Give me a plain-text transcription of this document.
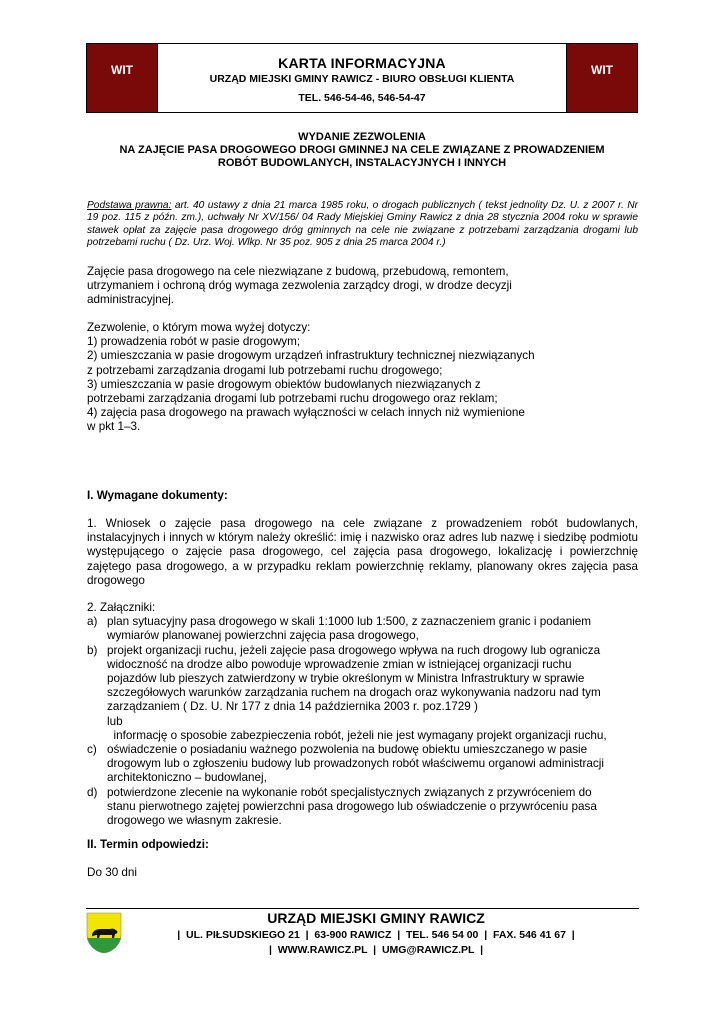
WIT	KARTA INFORMACYJNA
URZĄD MIEJSKI GMINY RAWICZ - BIURO OBSŁUGI KLIENTA
TEL. 546-54-46, 546-54-47
WIT
WYDANIE ZEZWOLENIA
NA ZAJĘCIE PASA DROGOWEGO DROGI GMINNEJ NA CELE ZWIĄZANE Z PROWADZENIEM
ROBÓT BUDOWLANYCH, INSTALACYJNYCH I INNYCH
Podstawa prawna: art. 40 ustawy z dnia 21 marca 1985 roku, o drogach publicznych ( tekst jednolity Dz. U. z 2007 r. Nr 19 poz. 115 z późn. zm.), uchwały Nr XV/156/ 04 Rady Miejskiej Gminy Rawicz z dnia 28 stycznia 2004 roku w sprawie stawek opłat za zajęcie pasa drogowego dróg gminnych na cele niе związane z potrzebami zarządzania drogami lub potrzebami ruchu ( Dz. Urz. Woj. Wlkp. Nr 35 poz. 905 z dnia 25 marca 2004 r.)
Zajęcie pasa drogowego na cele niezwiązane z budową, przebudową, remontem,
utrzymaniem i ochroną dróg wymaga zezwolenia zarządcy drogi, w drodze decyzji
administracyjnej.
Zezwolenie, o którym mowa wyżej dotyczy:
1) prowadzenia robót w pasie drogowym;
2) umieszczania w pasie drogowym urządzeń infrastruktury technicznej niezwiązanych
z potrzebami zarządzania drogami lub potrzebami ruchu drogowego;
3) umieszczania w pasie drogowym obiektów budowlanych niezwiązanych z
potrzebami zarządzania drogami lub potrzebami ruchu drogowego oraz reklam;
4) zajęcia pasa drogowego na prawach wyłączności w celach innych niż wymienione
w pkt 1–3.
I. Wymagane dokumenty:
1. Wniosek o zajęcie pasa drogowego na cele związane z prowadzeniem robót budowlanych, instalacyjnych i innych w którym należy określić: imię i nazwisko oraz adres lub nazwę i siedzibę podmiotu występującego o zajęcie pasa drogowego, cel zajęcia pasa drogowego, lokalizację i powierzchnię zajętego pasa drogowego, a w przypadku reklam powierzchnię reklamy, planowany okres zajęcia pasa drogowego
2. Załączniki:
a) plan sytuacyjny pasa drogowego w skali 1:1000 lub 1:500, z zaznaczeniem granic i podaniem
wymiarów planowanej powierzchni zajęcia pasa drogowego,
b) projekt organizacji ruchu, jeżeli zajęcie pasa drogowego wpływa na ruch drogowy lub ogranicza
widoczność na drodze albo powoduje wprowadzenie zmian w istniejącej organizacji ruchu
pojazdów lub pieszych zatwierdzony w trybie określonym w Ministra Infrastruktury w sprawie
szczegółowych warunków zarządzania ruchem na drogach oraz wykonywania nadzoru nad tym
zarządzaniem ( Dz. U. Nr 177 z dnia 14 października 2003 r. poz.1729 )
lub
informację o sposobie zabezpieczenia robót, jeżeli nie jest wymagany projekt organizacji ruchu,
c) oświadczenie o posiadaniu ważnego pozwolenia na budowę obiektu umieszczanego w pasie
drogowym lub o zgłoszeniu budowy lub prowadzonych robót właściwemu organowi administracji
architektoniczno – budowlanej,
d) potwierdzone zlecenie na wykonanie robót specjalistycznych związanych z przywróceniem do
stanu pierwotnego zajętej powierzchni pasa drogowego lub oświadczenie o przywróceniu pasa
drogowego we własnym zakresie.
II. Termin odpowiedzi:
Do 30 dni
URZĄD MIEJSKI GMINY RAWICZ
|  UL. PIŁSUDSKIEGO 21  |  63-900 RAWICZ  |  TEL. 546 54 00  |  FAX. 546 41 67  |
|  WWW.RAWICZ.PL  |  UMG@RAWICZ.PL  |
